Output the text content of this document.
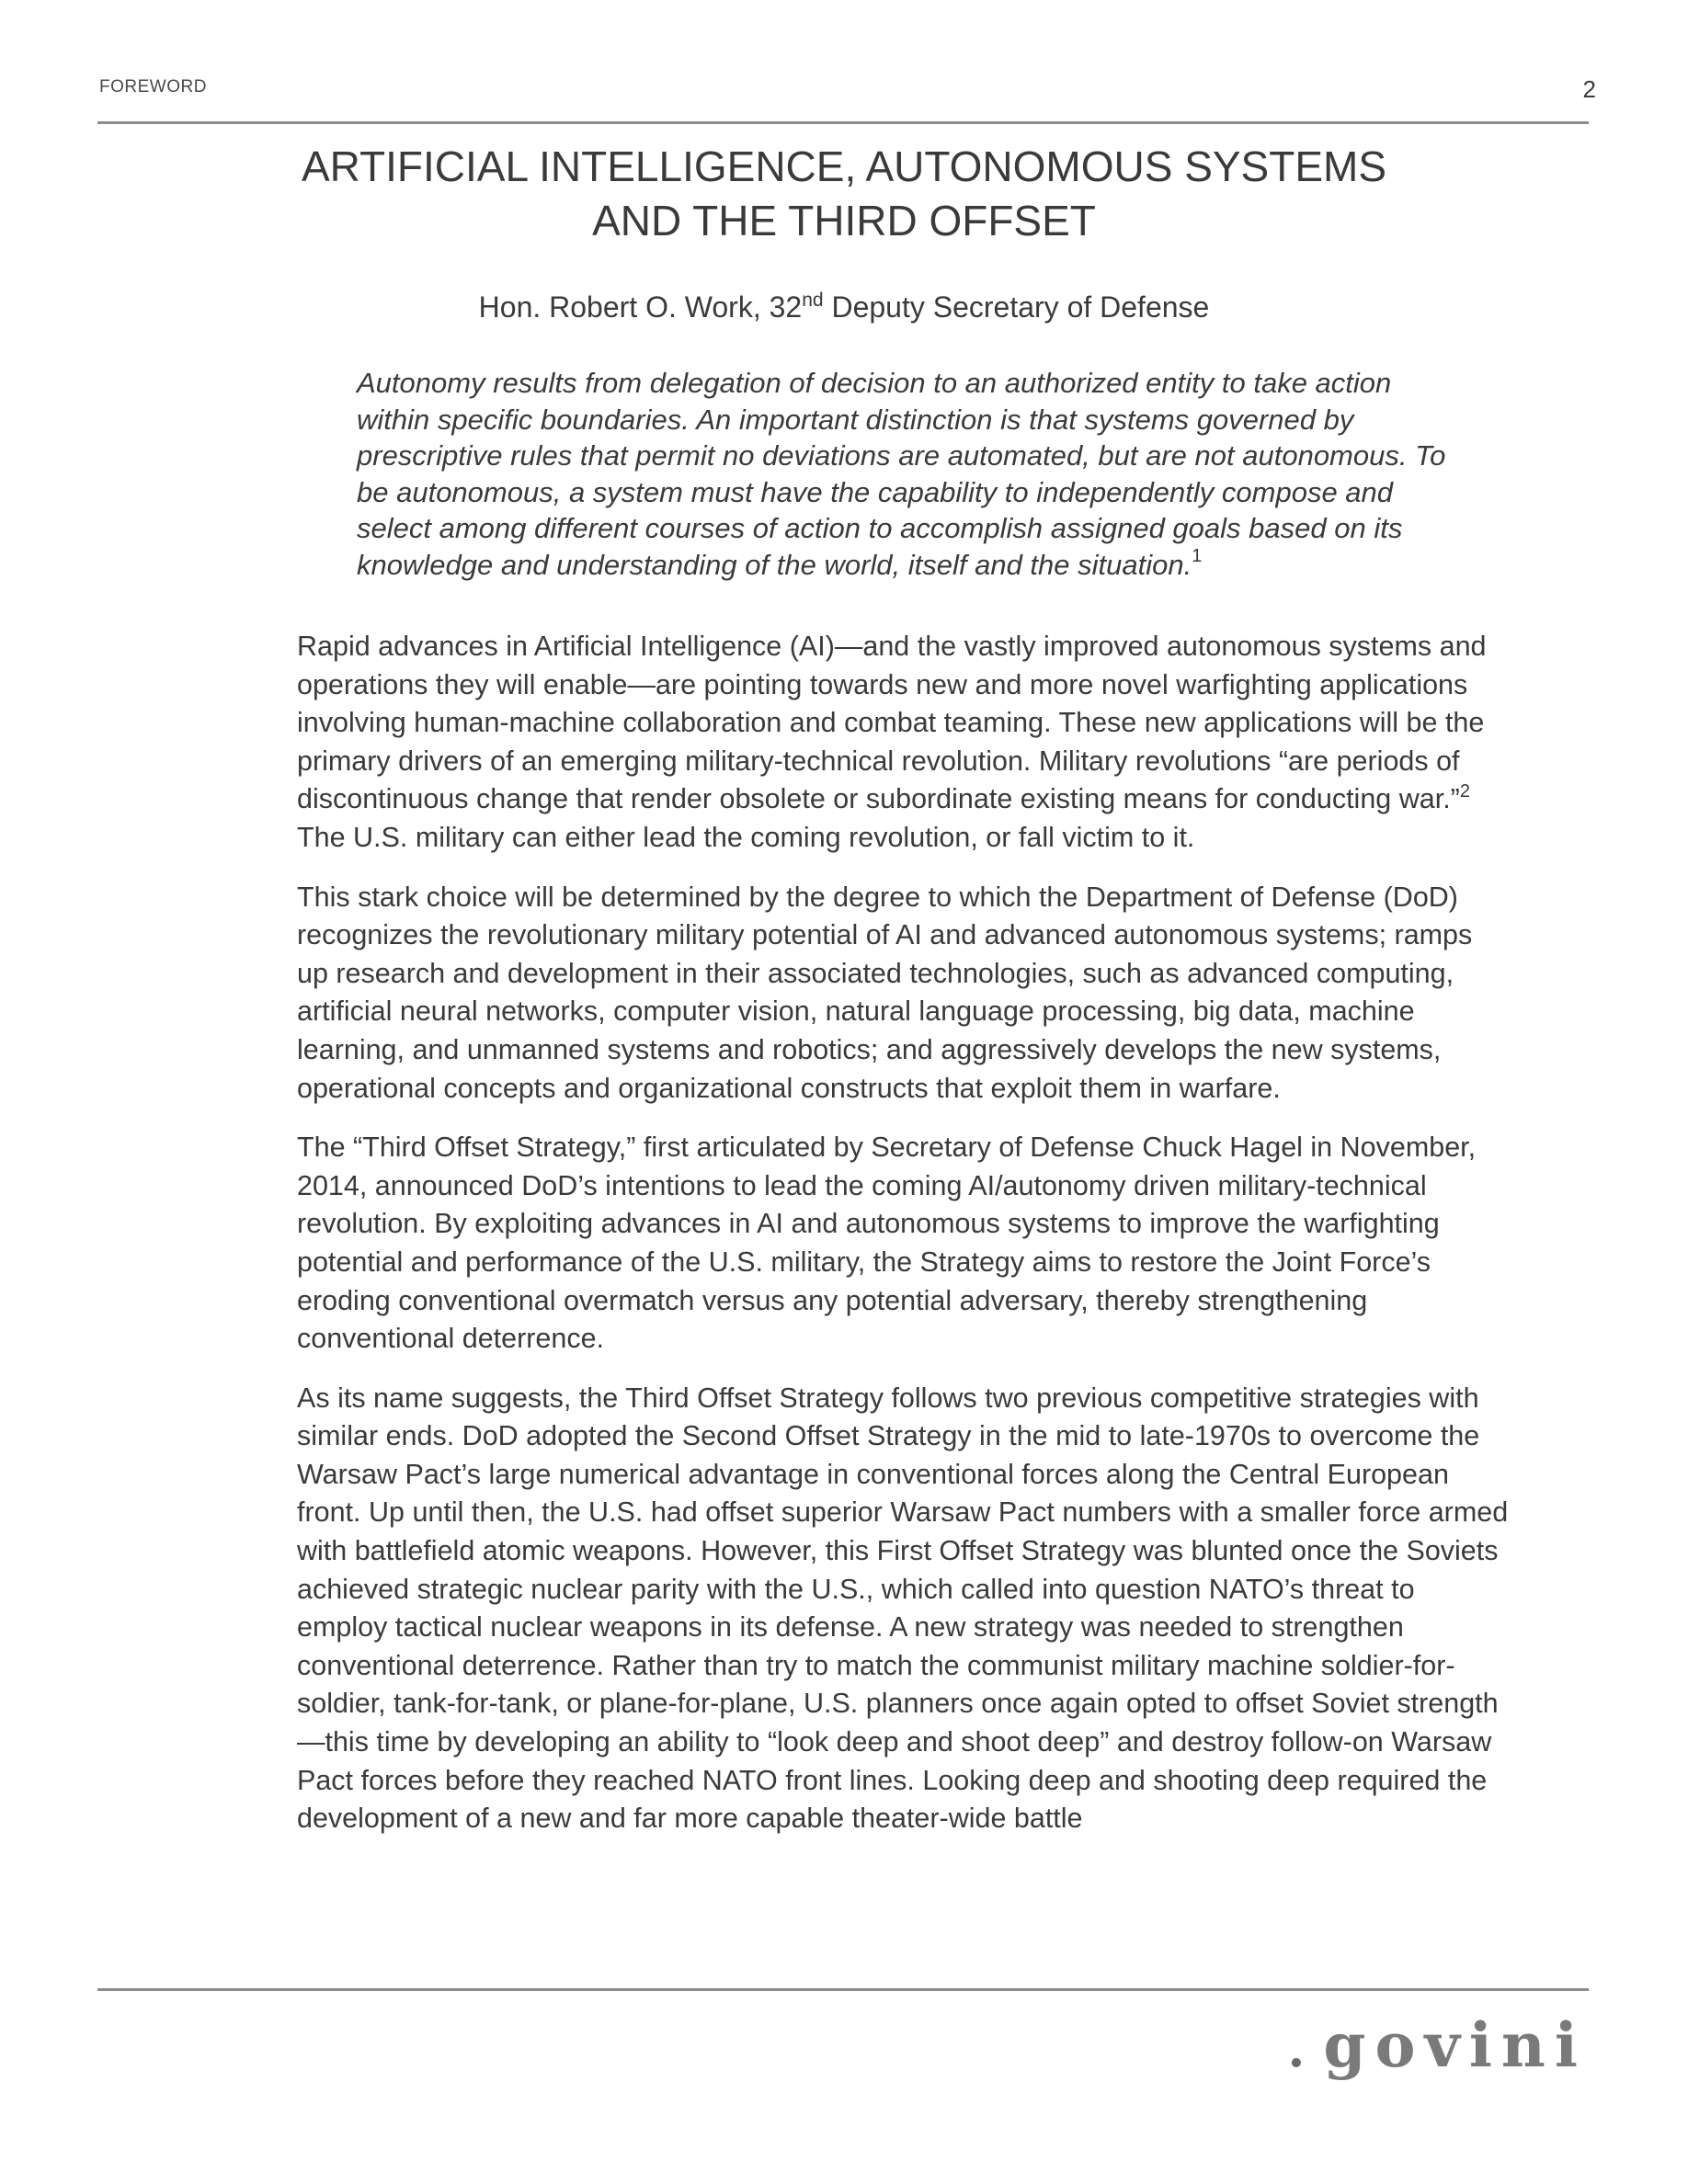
FOREWORD	2
ARTIFICIAL INTELLIGENCE, AUTONOMOUS SYSTEMS
AND THE THIRD OFFSET
Hon. Robert O. Work, 32nd Deputy Secretary of Defense

Autonomy results from delegation of decision to an authorized entity to take action within specific boundaries. An important distinction is that systems governed by prescriptive rules that permit no deviations are automated, but are not autonomous. To be autonomous, a system must have the capability to independently compose and select among different courses of action to accomplish assigned goals based on its knowledge and understanding of the world, itself and the situation.$^1$

Rapid advances in Artificial Intelligence (AI)—and the vastly improved autonomous systems and operations they will enable—are pointing towards new and more novel warfighting applications involving human-machine collaboration and combat teaming. These new applications will be the primary drivers of an emerging military-technical revolution. Military revolutions “are periods of discontinuous change that render obsolete or subordinate existing means for conducting war.”$^2$  The U.S. military can either lead the coming revolution, or fall victim to it.

This stark choice will be determined by the degree to which the Department of Defense (DoD) recognizes the revolutionary military potential of AI and advanced autonomous systems; ramps up research and development in their associated technologies, such as advanced computing, artificial neural networks, computer vision, natural language processing, big data, machine learning, and unmanned systems and robotics; and aggressively develops the new systems, operational concepts and organizational constructs that exploit them in warfare.

The “Third Offset Strategy,” first articulated by Secretary of Defense Chuck Hagel in November, 2014, announced DoD’s intentions to lead the coming AI/autonomy driven military-technical revolution. By exploiting advances in AI and autonomous systems to improve the warfighting potential and performance of the U.S. military, the Strategy aims to restore the Joint Force’s eroding conventional overmatch versus any potential adversary, thereby strengthening conventional deterrence.

As its name suggests, the Third Offset Strategy follows two previous competitive strategies with similar ends. DoD adopted the Second Offset Strategy in the mid to late-1970s to overcome the Warsaw Pact’s large numerical advantage in conventional forces along the Central European front. Up until then, the U.S. had offset superior Warsaw Pact numbers with a smaller force armed with battlefield atomic weapons. However, this First Offset Strategy was blunted once the Soviets achieved strategic nuclear parity with the U.S., which called into question NATO’s threat to employ tactical nuclear weapons in its defense. A new strategy was needed to strengthen conventional deterrence. Rather than try to match the communist military machine soldier-for-soldier, tank-for-tank, or plane-for-plane, U.S. planners once again opted to offset Soviet strength—this time by developing an ability to “look deep and shoot deep” and destroy follow-on Warsaw Pact forces before they reached NATO front lines. Looking deep and shooting deep required the development of a new and far more capable theater-wide battle

. govini
